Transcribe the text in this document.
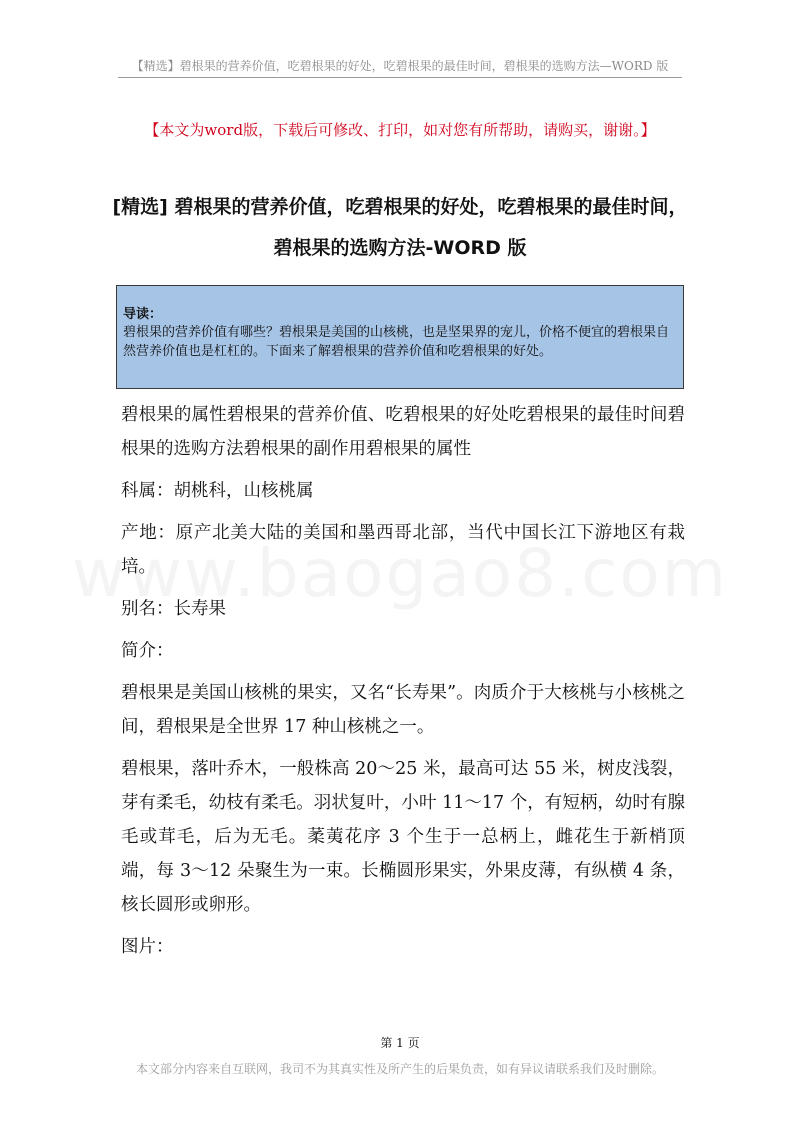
【精选】碧根果的营养价值，吃碧根果的好处，吃碧根果的最佳时间，碧根果的选购方法—WORD 版
【本文为word版，下载后可修改、打印，如对您有所帮助，请购买，谢谢。】
[精选] 碧根果的营养价值，吃碧根果的好处，吃碧根果的最佳时间，
碧根果的选购方法-WORD 版
导读：
碧根果的营养价值有哪些？碧根果是美国的山核桃，也是坚果界的宠儿，价格不便宜的碧根果自然营养价值也是杠杠的。下面来了解碧根果的营养价值和吃碧根果的好处。

碧根果的属性碧根果的营养价值、吃碧根果的好处吃碧根果的最佳时间碧根果的选购方法碧根果的副作用碧根果的属性

科属：胡桃科，山核桃属

产地：原产北美大陆的美国和墨西哥北部，当代中国长江下游地区有栽培。

别名：长寿果

简介：

碧根果是美国山核桃的果实，又名“长寿果”。肉质介于大核桃与小核桃之间，碧根果是全世界 17 种山核桃之一。

碧根果，落叶乔木，一般株高 20～25 米，最高可达 55 米，树皮浅裂，芽有柔毛，幼枝有柔毛。羽状复叶，小叶 11～17 个，有短柄，幼时有腺毛或茸毛，后为无毛。葇荑花序 3 个生于一总柄上，雌花生于新梢顶端，每 3～12 朵聚生为一束。长椭圆形果实，外果皮薄，有纵横 4 条，核长圆形或卵形。

图片：

第 1 页
本文部分内容来自互联网，我司不为其真实性及所产生的后果负责，如有异议请联系我们及时删除。
